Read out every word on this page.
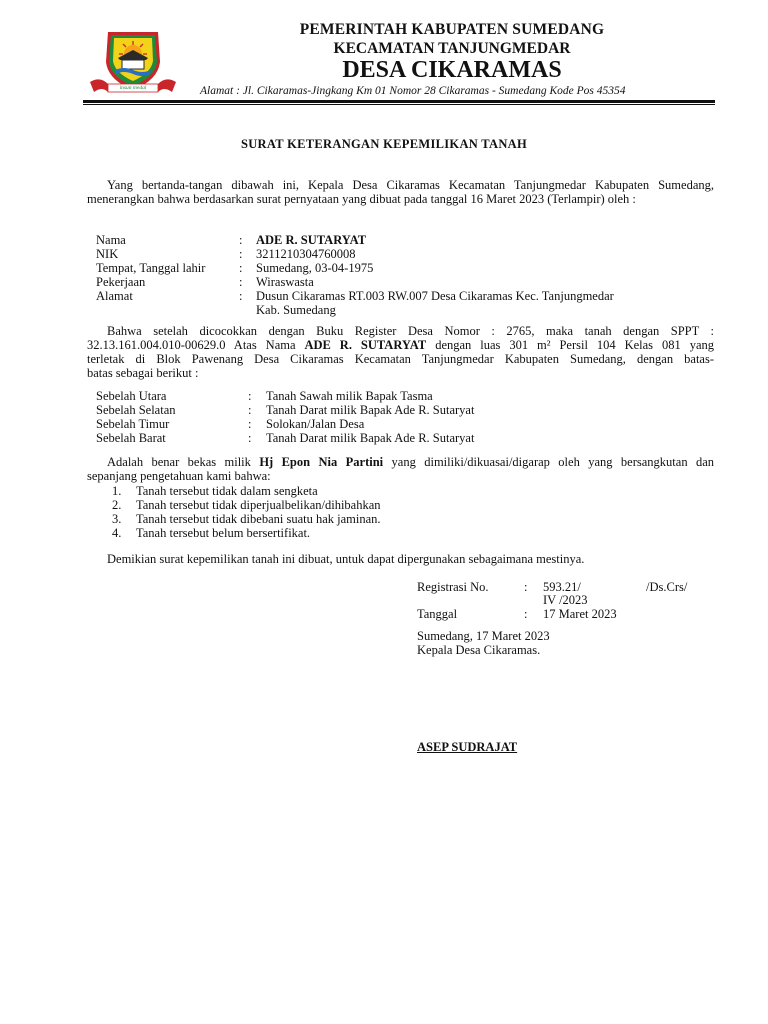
insun medal
PEMERINTAH KABUPATEN SUMEDANG
KECAMATAN TANJUNGMEDAR
DESA CIKARAMAS
Alamat : Jl. Cikaramas-Jingkang Km 01 Nomor 28 Cikaramas - Sumedang Kode Pos 45354
SURAT KETERANGAN KEPEMILIKAN TANAH
Yang bertanda-tangan dibawah ini, Kepala Desa Cikaramas Kecamatan Tanjungmedar Kabupaten Sumedang, menerangkan bahwa berdasarkan surat pernyataan yang dibuat pada tanggal 16 Maret 2023 (Terlampir) oleh :
Nama	: ADE R. SUTARYAT
NIK	: 3211210304760008
Tempat, Tanggal lahir	: Sumedang, 03-04-1975
Pekerjaan	: Wiraswasta
Alamat	: Dusun Cikaramas RT.003 RW.007 Desa Cikaramas Kec. Tanjungmedar
Kab. Sumedang
Bahwa setelah dicocokkan dengan Buku Register Desa Nomor : 2765, maka tanah dengan SPPT :
32.13.161.004.010-00629.0 Atas Nama ADE R. SUTARYAT dengan luas 301 m² Persil 104 Kelas 081 yang
terletak di Blok Pawenang Desa Cikaramas Kecamatan Tanjungmedar Kabupaten Sumedang, dengan batas-
batas sebagai berikut :
Sebelah Utara	: Tanah Sawah milik Bapak Tasma
Sebelah Selatan	: Tanah Darat milik Bapak Ade R. Sutaryat
Sebelah Timur	: Solokan/Jalan Desa
Sebelah Barat	: Tanah Darat milik Bapak Ade R. Sutaryat
Adalah benar bekas milik Hj Epon Nia Partini yang dimiliki/dikuasai/digarap oleh yang bersangkutan dan
sepanjang pengetahuan kami bahwa:
1. Tanah tersebut tidak dalam sengketa
2. Tanah tersebut tidak diperjualbelikan/dihibahkan
3. Tanah tersebut tidak dibebani suatu hak jaminan.
4. Tanah tersebut belum bersertifikat.
Demikian surat kepemilikan tanah ini dibuat, untuk dapat dipergunakan sebagaimana mestinya.
Registrasi No.	: 593.21/	/Ds.Crs/
IV /2023
Tanggal	: 17 Maret 2023
Sumedang, 17 Maret 2023
Kepala Desa Cikaramas.
ASEP SUDRAJAT
